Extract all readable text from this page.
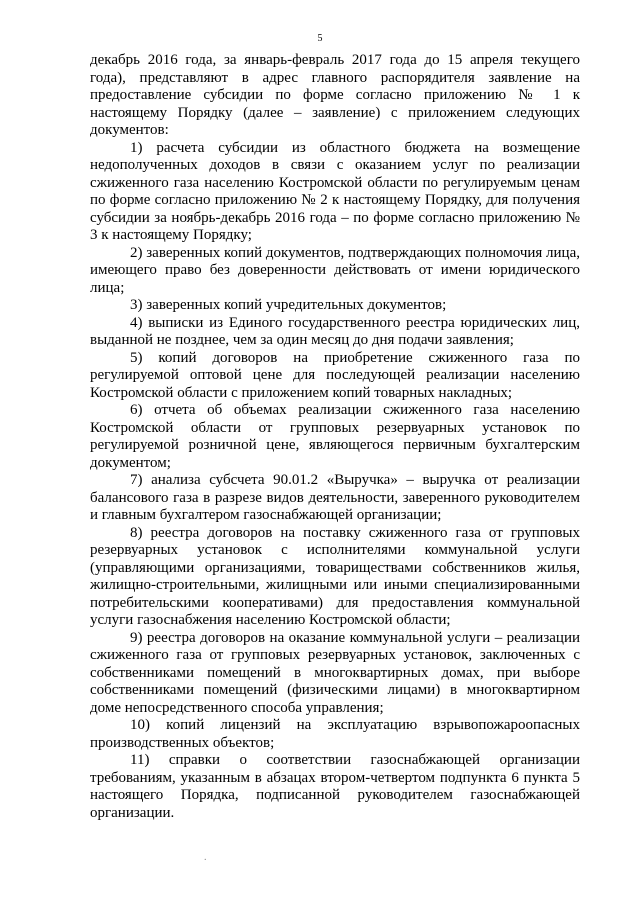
5

декабрь 2016 года, за январь-февраль 2017 года до 15 апреля текущего года), представляют в адрес главного распорядителя заявление на предоставление субсидии по форме согласно приложению № 1 к настоящему Порядку (далее – заявление) с приложением следующих документов:

1) расчета субсидии из областного бюджета на возмещение недополученных доходов в связи с оказанием услуг по реализации сжиженного газа населению Костромской области по регулируемым ценам по форме согласно приложению № 2 к настоящему Порядку, для получения субсидии за ноябрь-декабрь 2016 года – по форме согласно приложению № 3 к настоящему Порядку;

2) заверенных копий документов, подтверждающих полномочия лица, имеющего право без доверенности действовать от имени юридического лица;

3) заверенных копий учредительных документов;

4) выписки из Единого государственного реестра юридических лиц, выданной не позднее, чем за один месяц до дня подачи заявления;

5) копий договоров на приобретение сжиженного газа по регулируемой оптовой цене для последующей реализации населению Костромской области с приложением копий товарных накладных;

6) отчета об объемах реализации сжиженного газа населению Костромской области от групповых резервуарных установок по регулируемой розничной цене, являющегося первичным бухгалтерским документом;

7) анализа субсчета 90.01.2 «Выручка» – выручка от реализации балансового газа в разрезе видов деятельности, заверенного руководителем и главным бухгалтером газоснабжающей организации;

8) реестра договоров на поставку сжиженного газа от групповых резервуарных установок с исполнителями коммунальной услуги (управляющими организациями, товариществами собственников жилья, жилищно-строительными, жилищными или иными специализированными потребительскими кооперативами) для предоставления коммунальной услуги газоснабжения населению Костромской области;

9) реестра договоров на оказание коммунальной услуги – реализации сжиженного газа от групповых резервуарных установок, заключенных с собственниками помещений в многоквартирных домах, при выборе собственниками помещений (физическими лицами) в многоквартирном доме непосредственного способа управления;

10) копий лицензий на эксплуатацию взрывопожароопасных производственных объектов;

11) справки о соответствии газоснабжающей организации требованиям, указанным в абзацах втором-четвертом подпункта 6 пункта 5 настоящего Порядка, подписанной руководителем газоснабжающей организации.

.
